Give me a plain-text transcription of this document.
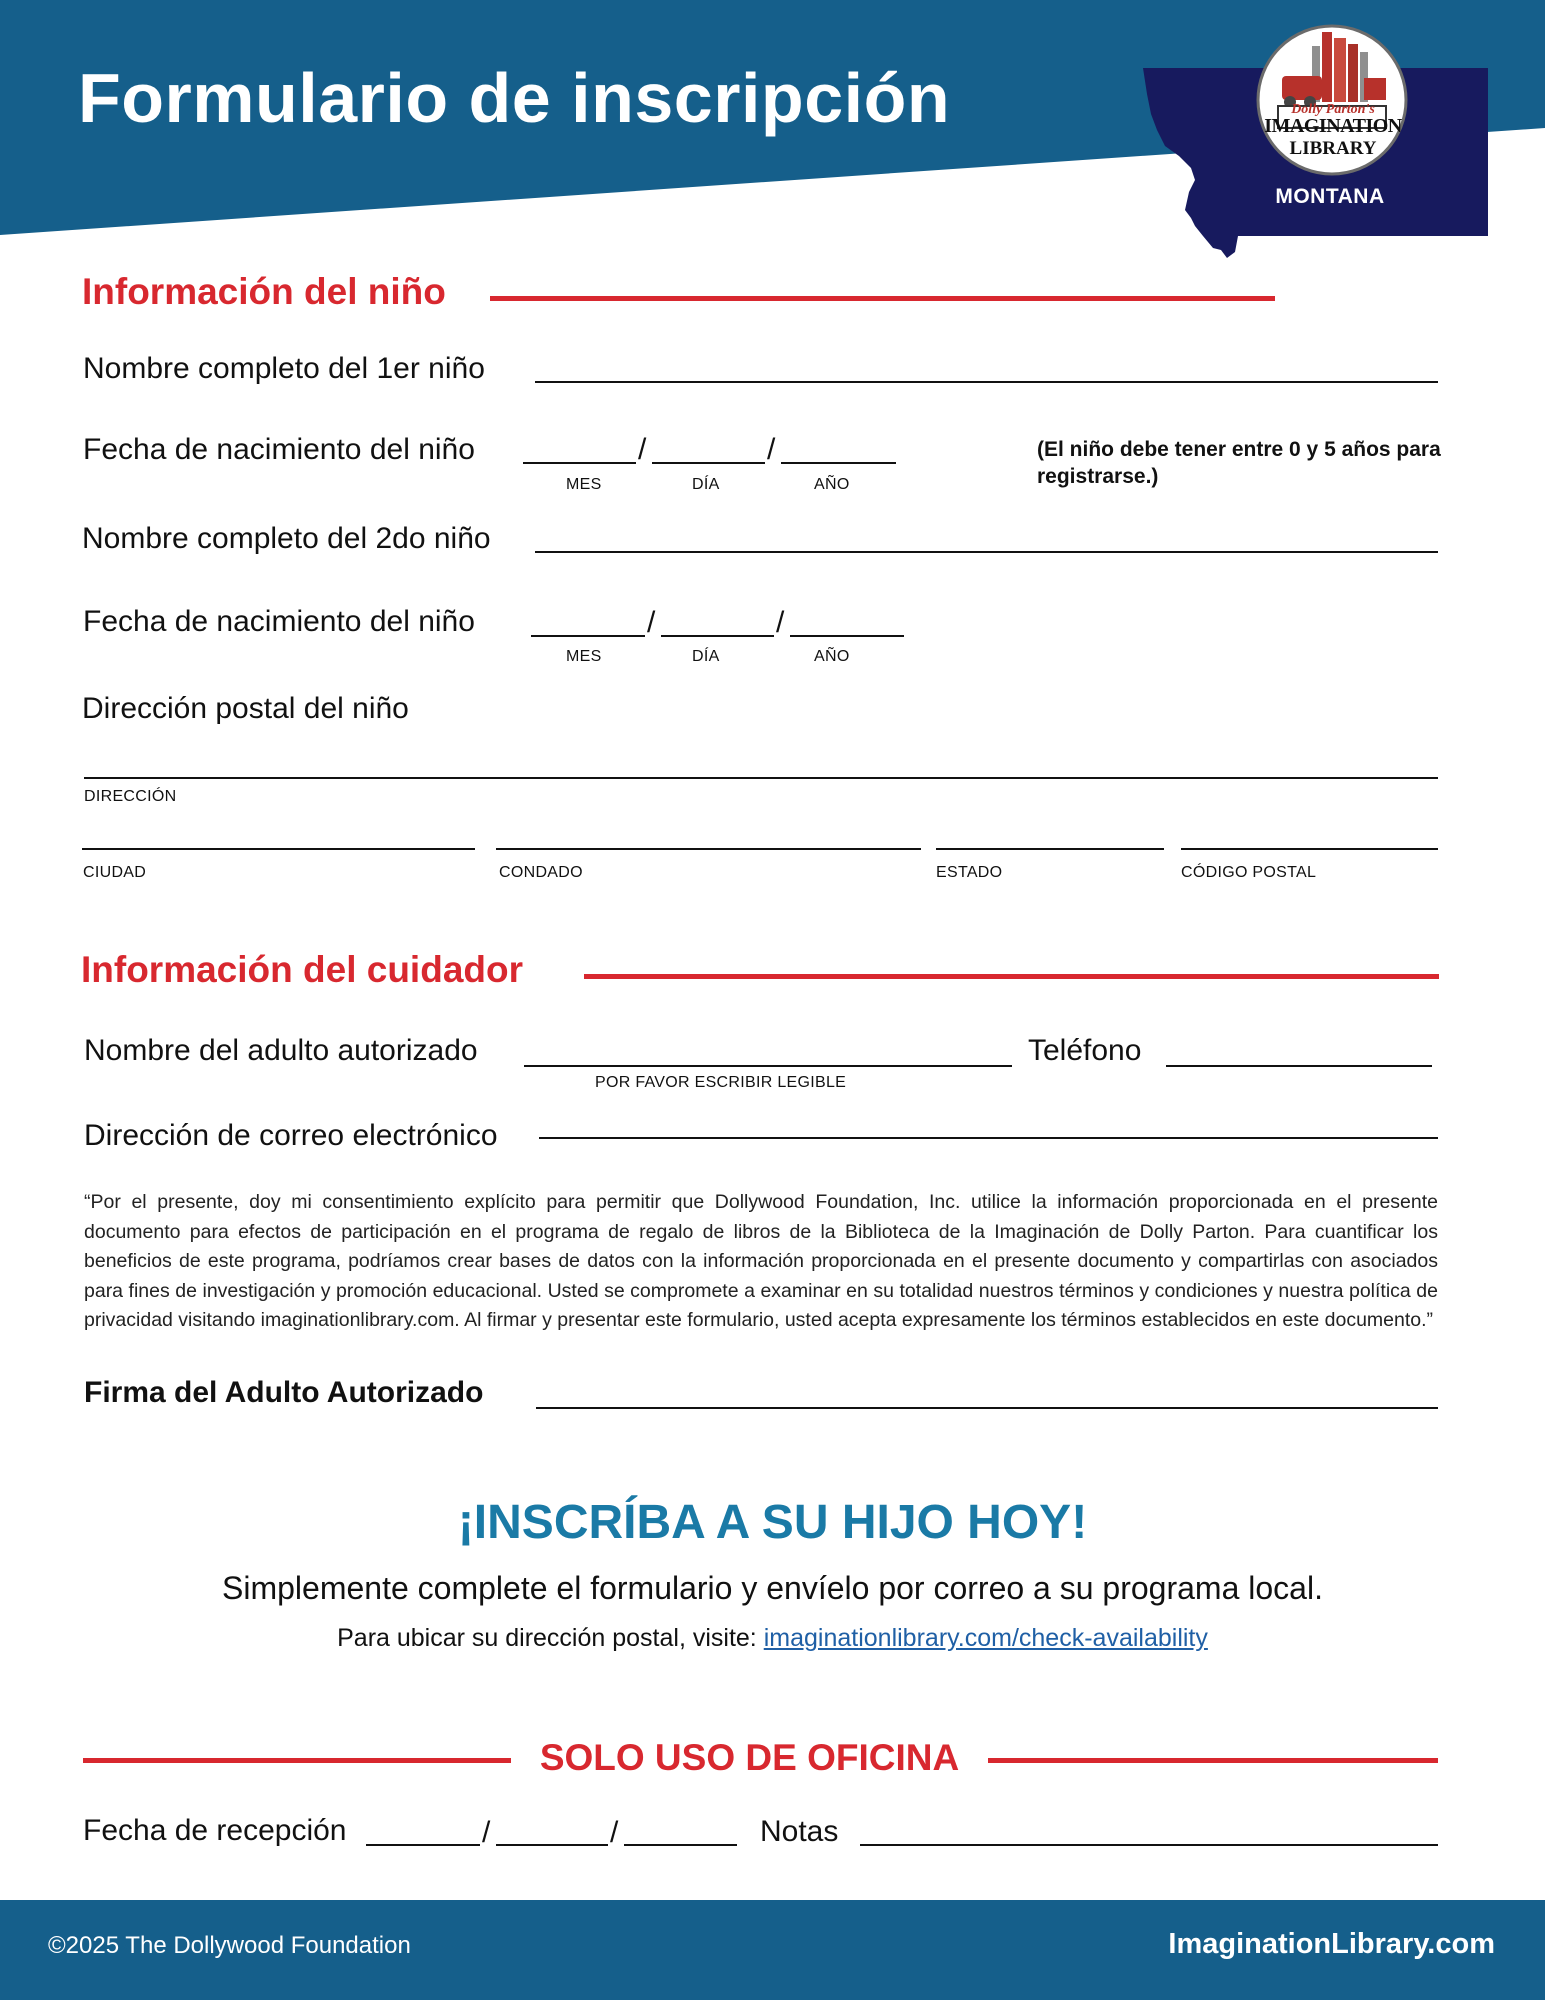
Formulario de inscripción	Dolly Parton's
IMAGINATION
LIBRARY
MONTANA
Información del niño
Nombre completo del 1er niño
Fecha de nacimiento del niño	/	/
MES	DÍA	AÑO
(El niño debe tener entre 0 y 5 años para registrarse.)
Nombre completo del 2do niño
Fecha de nacimiento del niño	/	/
MES	DÍA	AÑO
Dirección postal del niño
DIRECCIÓN
CIUDAD	CONDADO	ESTADO	CÓDIGO POSTAL
Información del cuidador
Nombre del adulto autorizado
POR FAVOR ESCRIBIR LEGIBLE
Teléfono
Dirección de correo electrónico
“Por el presente, doy mi consentimiento explícito para permitir que Dollywood Foundation, Inc. utilice la información proporcionada en el presente documento para efectos de participación en el programa de regalo de libros de la Biblioteca de la Imaginación de Dolly Parton. Para cuantificar los beneficios de este programa, podríamos crear bases de datos con la información proporcionada en el presente documento y compartirlas con asociados para fines de investigación y promoción educacional. Usted se compromete a examinar en su totalidad nuestros términos y condiciones y nuestra política de privacidad visitando imaginationlibrary.com. Al firmar y presentar este formulario, usted acepta expresamente los términos establecidos en este documento.”
Firma del Adulto Autorizado
¡INSCRÍBA A SU HIJO HOY!
Simplemente complete el formulario y envíelo por correo a su programa local.
Para ubicar su dirección postal, visite: imaginationlibrary.com/check-availability
SOLO USO DE OFICINA
Fecha de recepción	/	/	Notas
©2025 The Dollywood Foundation	ImaginationLibrary.com
